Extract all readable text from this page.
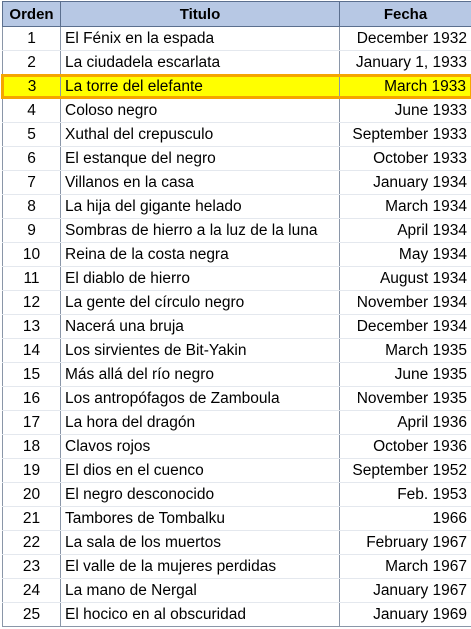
Orden	Titulo	Fecha
1	El Fénix en la espada	December 1932
2	La ciudadela escarlata	January 1, 1933
3	La torre del elefante	March 1933
4	Coloso negro	June 1933
5	Xuthal del crepusculo	September 1933
6	El estanque del negro	October 1933
7	Villanos en la casa	January 1934
8	La hija del gigante helado	March 1934
9	Sombras de hierro a la luz de la luna	April 1934
10	Reina de la costa negra	May 1934
11	El diablo de hierro	August 1934
12	La gente del círculo negro	November 1934
13	Nacerá una bruja	December 1934
14	Los sirvientes de Bit-Yakin	March 1935
15	Más allá del río negro	June 1935
16	Los antropófagos de Zamboula	November 1935
17	La hora del dragón	April 1936
18	Clavos rojos	October 1936
19	El dios en el cuenco	September 1952
20	El negro desconocido	Feb. 1953
21	Tambores de Tombalku	1966
22	La sala de los muertos	February 1967
23	El valle de la mujeres perdidas	March 1967
24	La mano de Nergal	January 1967
25	El hocico en al obscuridad	January 1969
